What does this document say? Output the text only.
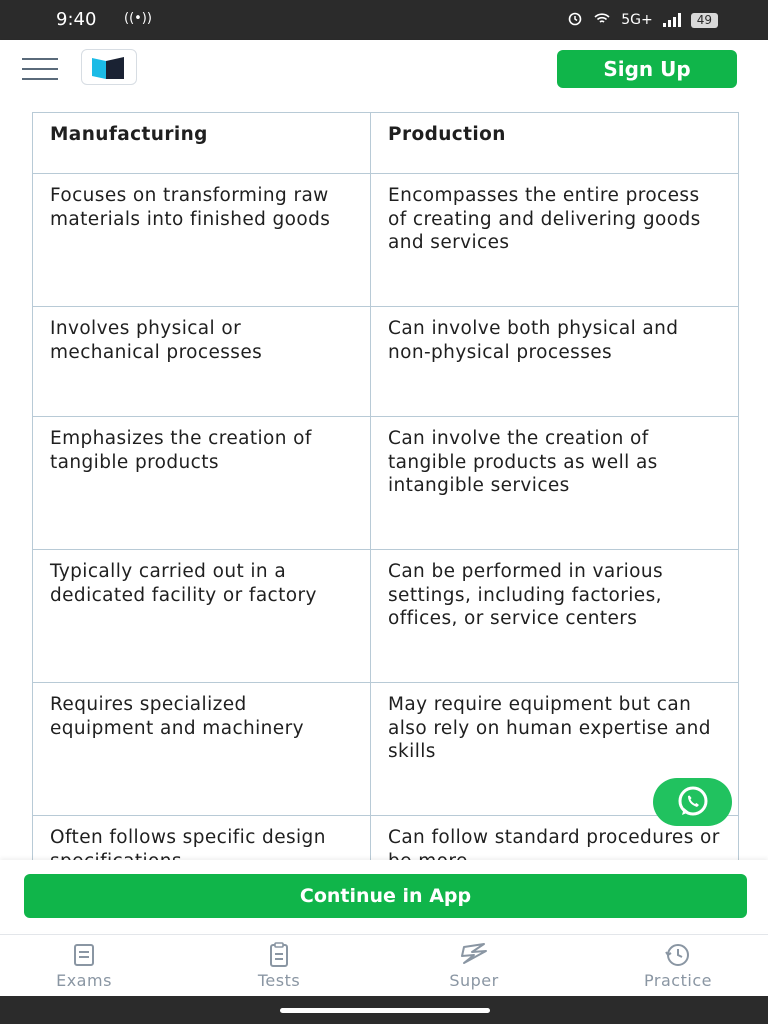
9:40 ((•))	5G+	49
Sign Up
Manufacturing	Production
Focuses on transforming raw materials into finished goods	Encompasses the entire process of creating and delivering goods and services
Involves physical or mechanical processes	Can involve both physical and non-physical processes
Emphasizes the creation of tangible products	Can involve the creation of tangible products as well as intangible services
Typically carried out in a dedicated facility or factory	Can be performed in various settings, including factories, offices, or service centers
Requires specialized equipment and machinery	May require equipment but can also rely on human expertise and skills
Often follows specific design	Can follow standard procedures or
Continue in App
Exams	Tests	Super	Practice
